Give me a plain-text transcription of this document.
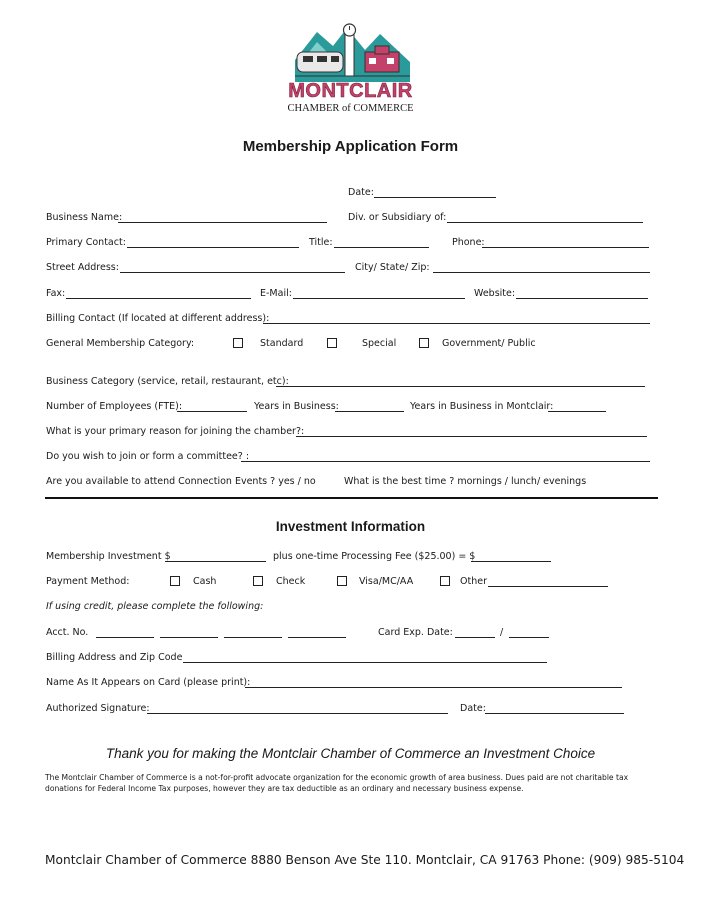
MONTCLAIR
CHAMBER of COMMERCE
Membership Application Form
Date:
Business Name:	Div. or Subsidiary of:
Primary Contact:	Title:	Phone:
Street Address:	City/ State/ Zip:
Fax:	E-Mail:	Website:
Billing Contact (If located at different address):
General Membership Category:	Standard	Special	Government/ Public
Business Category (service, retail, restaurant, etc):
Number of Employees (FTE):	Years in Business:	Years in Business in Montclair:
What is your primary reason for joining the chamber?:
Do you wish to join or form a committee? :
Are you available to attend Connection Events ? yes / no	What is the best time ? mornings / lunch/ evenings
Investment Information
Membership Investment $	plus one-time Processing Fee ($25.00) = $
Payment Method:	Cash	Check	Visa/MC/AA	Other
If using credit, please complete the following:
Acct. No.	Card Exp. Date:	/
Billing Address and Zip Code
Name As It Appears on Card (please print):
Authorized Signature:	Date:
Thank you for making the Montclair Chamber of Commerce an Investment Choice
The Montclair Chamber of Commerce is a not-for-profit advocate organization for the economic growth of area business. Dues paid are not charitable tax donations for Federal Income Tax purposes, however they are tax deductible as an ordinary and necessary business expense.
Montclair Chamber of Commerce 8880 Benson Ave Ste 110. Montclair, CA 91763 Phone: (909) 985-5104
